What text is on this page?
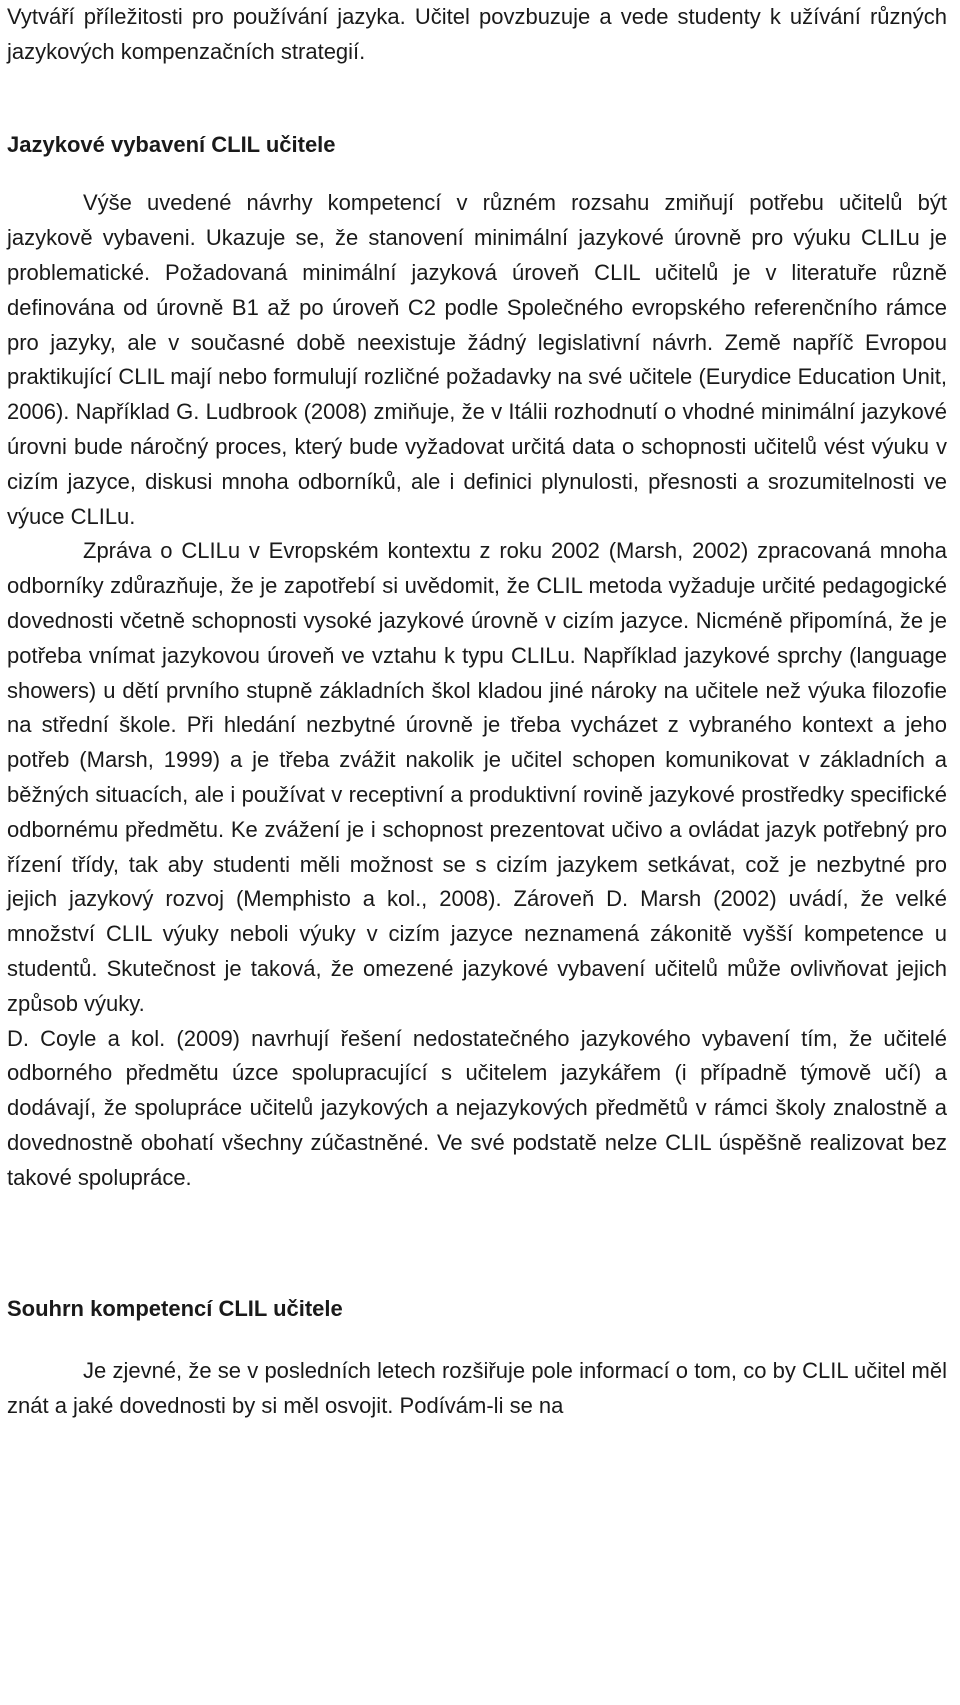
Vytváří příležitosti pro používání jazyka. Učitel povzbuzuje a vede studenty k užívání různých jazykových kompenzačních strategií.

Jazykové vybavení CLIL učitele

Výše uvedené návrhy kompetencí v různém rozsahu zmiňují potřebu učitelů být jazykově vybaveni. Ukazuje se, že stanovení minimální jazykové úrovně pro výuku CLILu je problematické. Požadovaná minimální jazyková úroveň CLIL učitelů je v literatuře různě definována od úrovně B1 až po úroveň C2 podle Společného evropského referenčního rámce pro jazyky, ale v současné době neexistuje žádný legislativní návrh. Země napříč Evropou praktikující CLIL mají nebo formulují rozličné požadavky na své učitele (Eurydice Education Unit, 2006). Například G. Ludbrook (2008) zmiňuje, že v Itálii rozhodnutí o vhodné minimální jazykové úrovni bude náročný proces, který bude vyžadovat určitá data o schopnosti učitelů vést výuku v cizím jazyce, diskusi mnoha odborníků, ale i definici plynulosti, přesnosti a srozumitelnosti ve výuce CLILu.

Zpráva o CLILu v Evropském kontextu z roku 2002 (Marsh, 2002) zpracovaná mnoha odborníky zdůrazňuje, že je zapotřebí si uvědomit, že CLIL metoda vyžaduje určité pedagogické dovednosti včetně schopnosti vysoké jazykové úrovně v cizím jazyce. Nicméně připomíná, že je potřeba vnímat jazykovou úroveň ve vztahu k typu CLILu. Například jazykové sprchy (language showers) u dětí prvního stupně základních škol kladou jiné nároky na učitele než výuka filozofie na střední škole. Při hledání nezbytné úrovně je třeba vycházet z vybraného kontext a jeho potřeb (Marsh, 1999) a je třeba zvážit nakolik je učitel schopen komunikovat v základních a běžných situacích, ale i používat v receptivní a produktivní rovině jazykové prostředky specifické odbornému předmětu. Ke zvážení je i schopnost prezentovat učivo a ovládat jazyk potřebný pro řízení třídy, tak aby studenti měli možnost se s cizím jazykem setkávat, což je nezbytné pro jejich jazykový rozvoj (Memphisto a kol., 2008). Zároveň D. Marsh (2002) uvádí, že velké množství CLIL výuky neboli výuky v cizím jazyce neznamená zákonitě vyšší kompetence u studentů. Skutečnost je taková, že omezené jazykové vybavení učitelů může ovlivňovat jejich způsob výuky.

D. Coyle a kol. (2009) navrhují řešení nedostatečného jazykového vybavení tím, že učitelé odborného předmětu úzce spolupracující s učitelem jazykářem (i případně týmově učí) a dodávají, že spolupráce učitelů jazykových a nejazykových předmětů v rámci školy znalostně a dovednostně obohatí všechny zúčastněné. Ve své podstatě nelze CLIL úspěšně realizovat bez takové spolupráce.

Souhrn kompetencí CLIL učitele

Je zjevné, že se v posledních letech rozšiřuje pole informací o tom, co by CLIL učitel měl znát a jaké dovednosti by si měl osvojit. Podívám-li se na
